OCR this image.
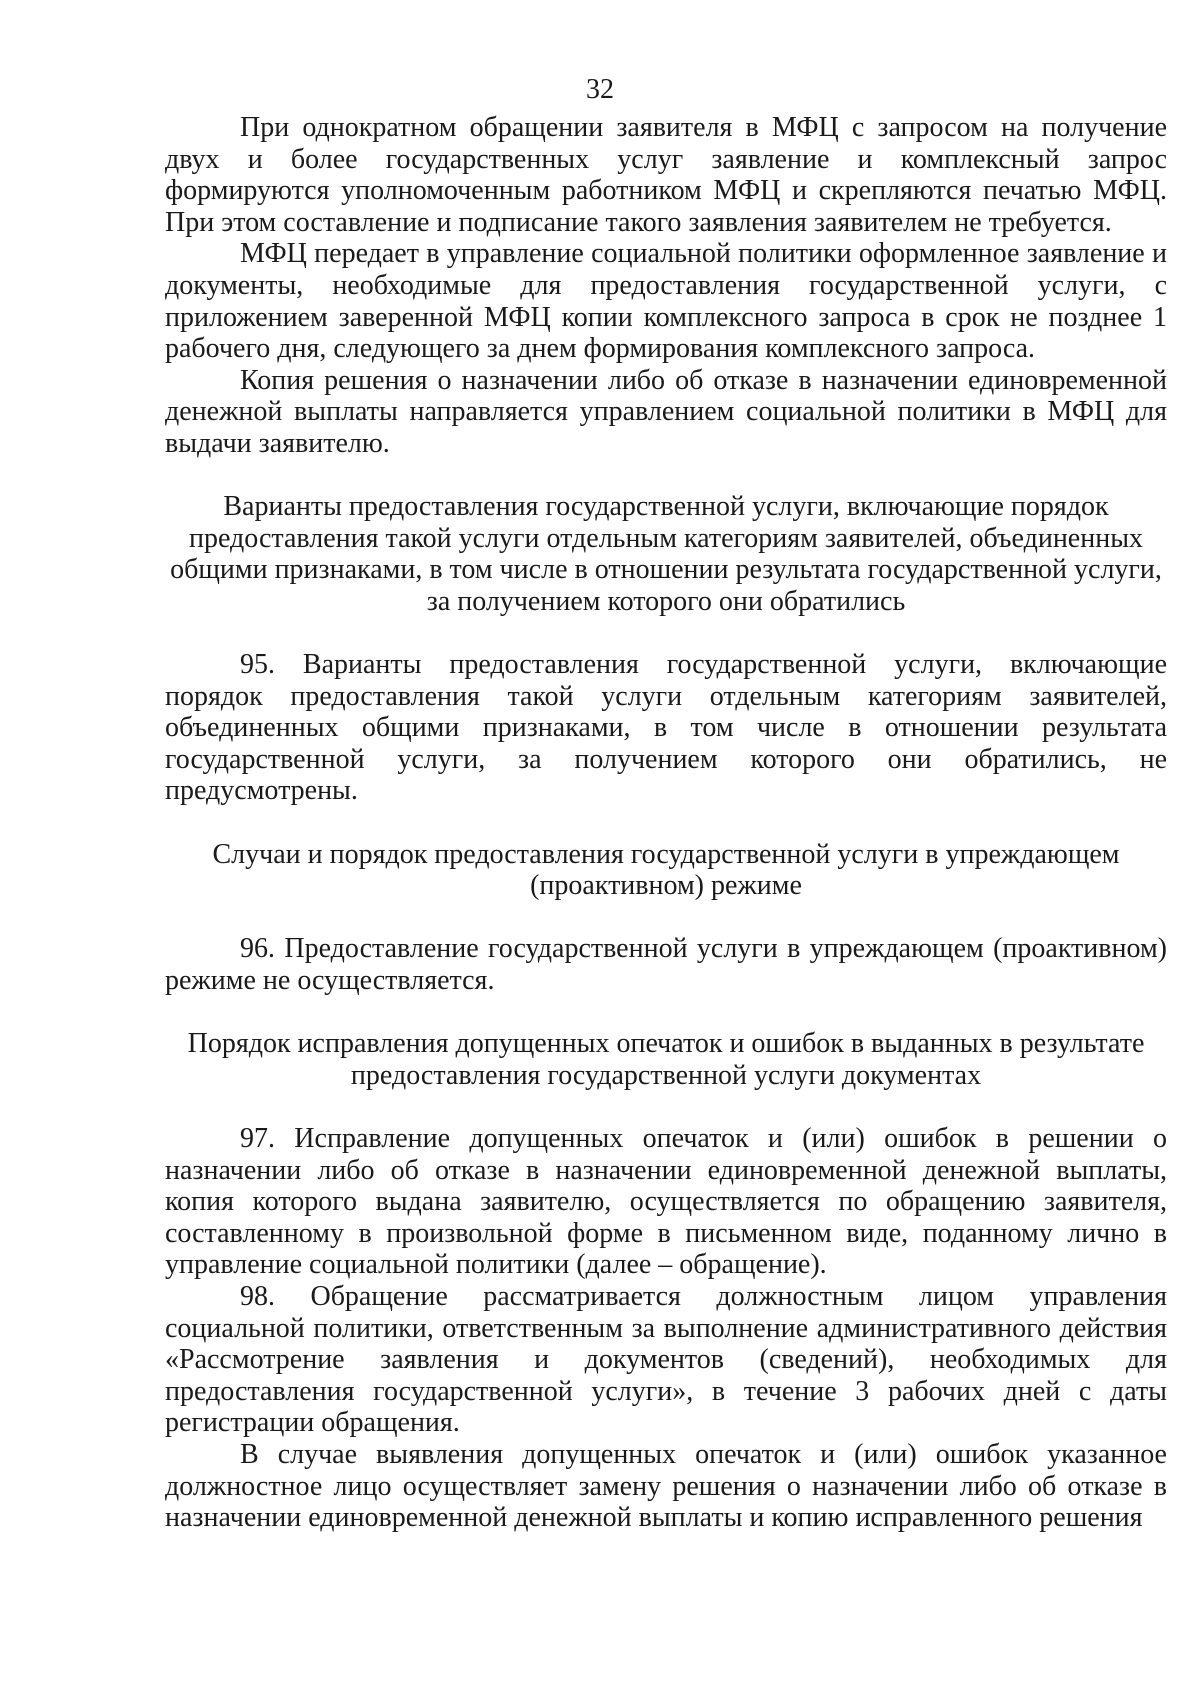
32

При однократном обращении заявителя в МФЦ с запросом на получение двух и более государственных услуг заявление и комплексный запрос формируются уполномоченным работником МФЦ и скрепляются печатью МФЦ. При этом составление и подписание такого заявления заявителем не требуется.

МФЦ передает в управление социальной политики оформленное заявление и документы, необходимые для предоставления государственной услуги, с приложением заверенной МФЦ копии комплексного запроса в срок не позднее 1 рабочего дня, следующего за днем формирования комплексного запроса.

Копия решения о назначении либо об отказе в назначении единовременной денежной выплаты направляется управлением социальной политики в МФЦ для выдачи заявителю.

Варианты предоставления государственной услуги, включающие порядок предоставления такой услуги отдельным категориям заявителей, объединенных общими признаками, в том числе в отношении результата государственной услуги, за получением которого они обратились

95. Варианты предоставления государственной услуги, включающие порядок предоставления такой услуги отдельным категориям заявителей, объединенных общими признаками, в том числе в отношении результата государственной услуги, за получением которого они обратились, не предусмотрены.

Случаи и порядок предоставления государственной услуги в упреждающем (проактивном) режиме

96. Предоставление государственной услуги в упреждающем (проактивном) режиме не осуществляется.

Порядок исправления допущенных опечаток и ошибок в выданных в результате предоставления государственной услуги документах

97. Исправление допущенных опечаток и (или) ошибок в решении о назначении либо об отказе в назначении единовременной денежной выплаты, копия которого выдана заявителю, осуществляется по обращению заявителя, составленному в произвольной форме в письменном виде, поданному лично в управление социальной политики (далее – обращение).

98. Обращение рассматривается должностным лицом управления социальной политики, ответственным за выполнение административного действия «Рассмотрение заявления и документов (сведений), необходимых для предоставления государственной услуги», в течение 3 рабочих дней с даты регистрации обращения.

В случае выявления допущенных опечаток и (или) ошибок указанное должностное лицо осуществляет замену решения о назначении либо об отказе в назначении единовременной денежной выплаты и копию исправленного решения
